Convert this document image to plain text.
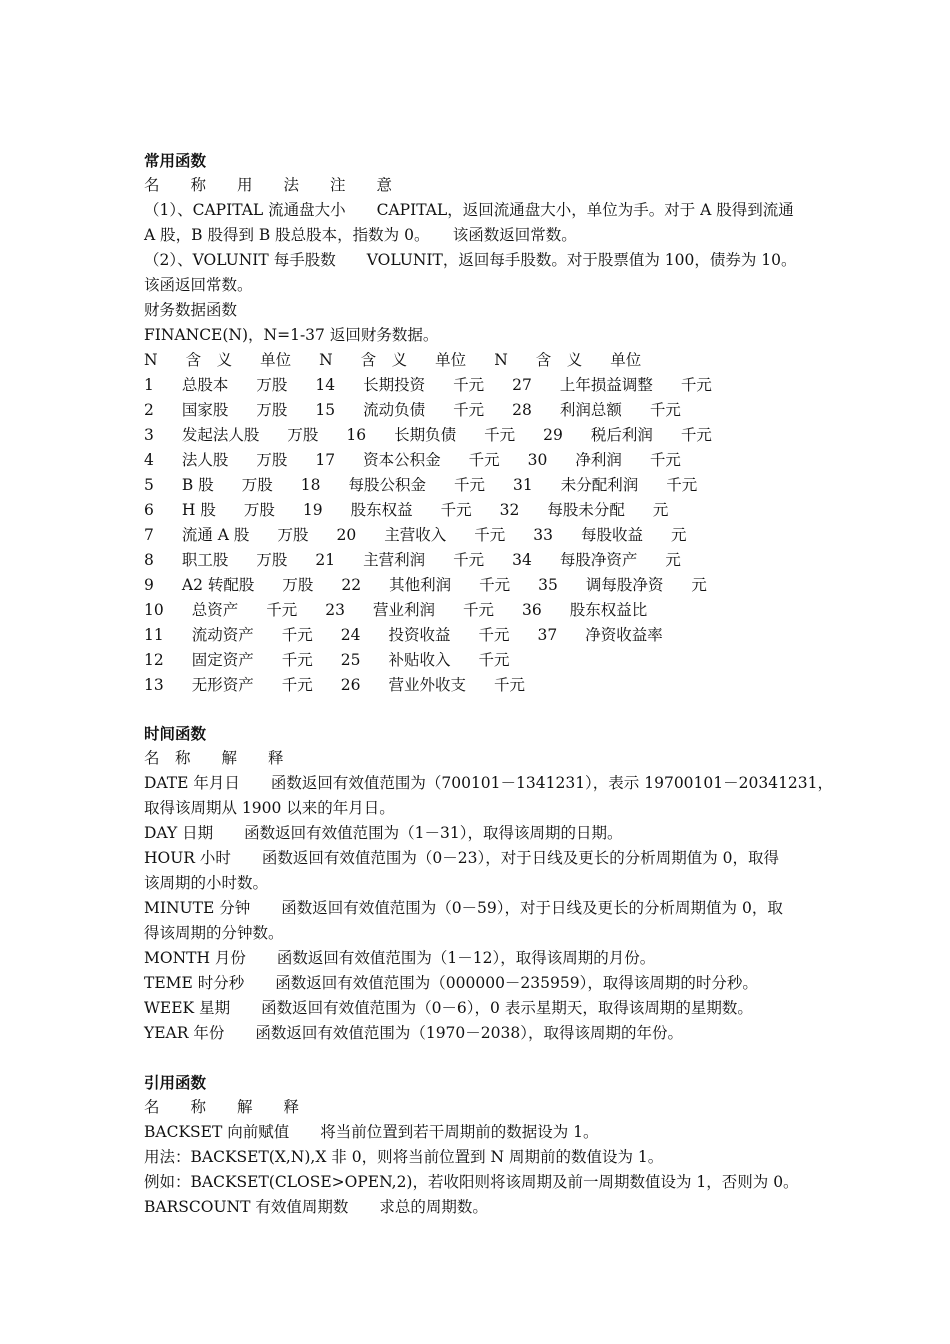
常用函数
名　　称　　用　　法　　注　　意
（1）、CAPITAL 流通盘大小　　CAPITAL，返回流通盘大小，单位为手。对于 A 股得到流通
A 股，B 股得到 B 股总股本，指数为 0。　　该函数返回常数。
（2）、VOLUNIT 每手股数　　VOLUNIT，返回每手股数。对于股票值为 100，债券为 10。
该函返回常数。
财务数据函数
FINANCE(N)，N=1-37 返回财务数据。
N 含　义 单位 N 含　义 单位 N 含　义 单位
1 总股本 万股 14 长期投资 千元 27 上年损益调整 千元
2 国家股 万股 15 流动负债 千元 28 利润总额 千元
3 发起法人股 万股 16 长期负债 千元 29 税后利润 千元
4 法人股 万股 17 资本公积金 千元 30 净利润 千元
5 B 股 万股 18 每股公积金 千元 31 未分配利润 千元
6 H 股 万股 19 股东权益 千元 32 每股未分配 元
7 流通 A 股 万股 20 主营收入 千元 33 每股收益 元
8 职工股 万股 21 主营利润 千元 34 每股净资产 元
9 A2 转配股 万股 22 其他利润 千元 35 调每股净资 元
10 总资产 千元 23 营业利润 千元 36 股东权益比
11 流动资产 千元 24 投资收益 千元 37 净资收益率
12 固定资产 千元 25 补贴收入 千元
13 无形资产 千元 26 营业外收支 千元
时间函数
名　称　　解　　释
DATE 年月日　　函数返回有效值范围为（700101－1341231），表示 19700101－20341231，
取得该周期从 1900 以来的年月日。
DAY 日期　　函数返回有效值范围为（1－31），取得该周期的日期。
HOUR 小时　　函数返回有效值范围为（0－23），对于日线及更长的分析周期值为 0，取得
该周期的小时数。
MINUTE 分钟　　函数返回有效值范围为（0－59），对于日线及更长的分析周期值为 0，取
得该周期的分钟数。
MONTH 月份　　函数返回有效值范围为（1－12），取得该周期的月份。
TEME 时分秒　　函数返回有效值范围为（000000－235959），取得该周期的时分秒。
WEEK 星期　　函数返回有效值范围为（0－6），0 表示星期天，取得该周期的星期数。
YEAR 年份　　函数返回有效值范围为（1970－2038），取得该周期的年份。
引用函数
名　　称　　解　　释
BACKSET 向前赋值　　将当前位置到若干周期前的数据设为 1。
用法：BACKSET(X,N),X 非 0，则将当前位置到 N 周期前的数值设为 1。
例如：BACKSET(CLOSE>OPEN,2)，若收阳则将该周期及前一周期数值设为 1，否则为 0。
BARSCOUNT 有效值周期数　　求总的周期数。
